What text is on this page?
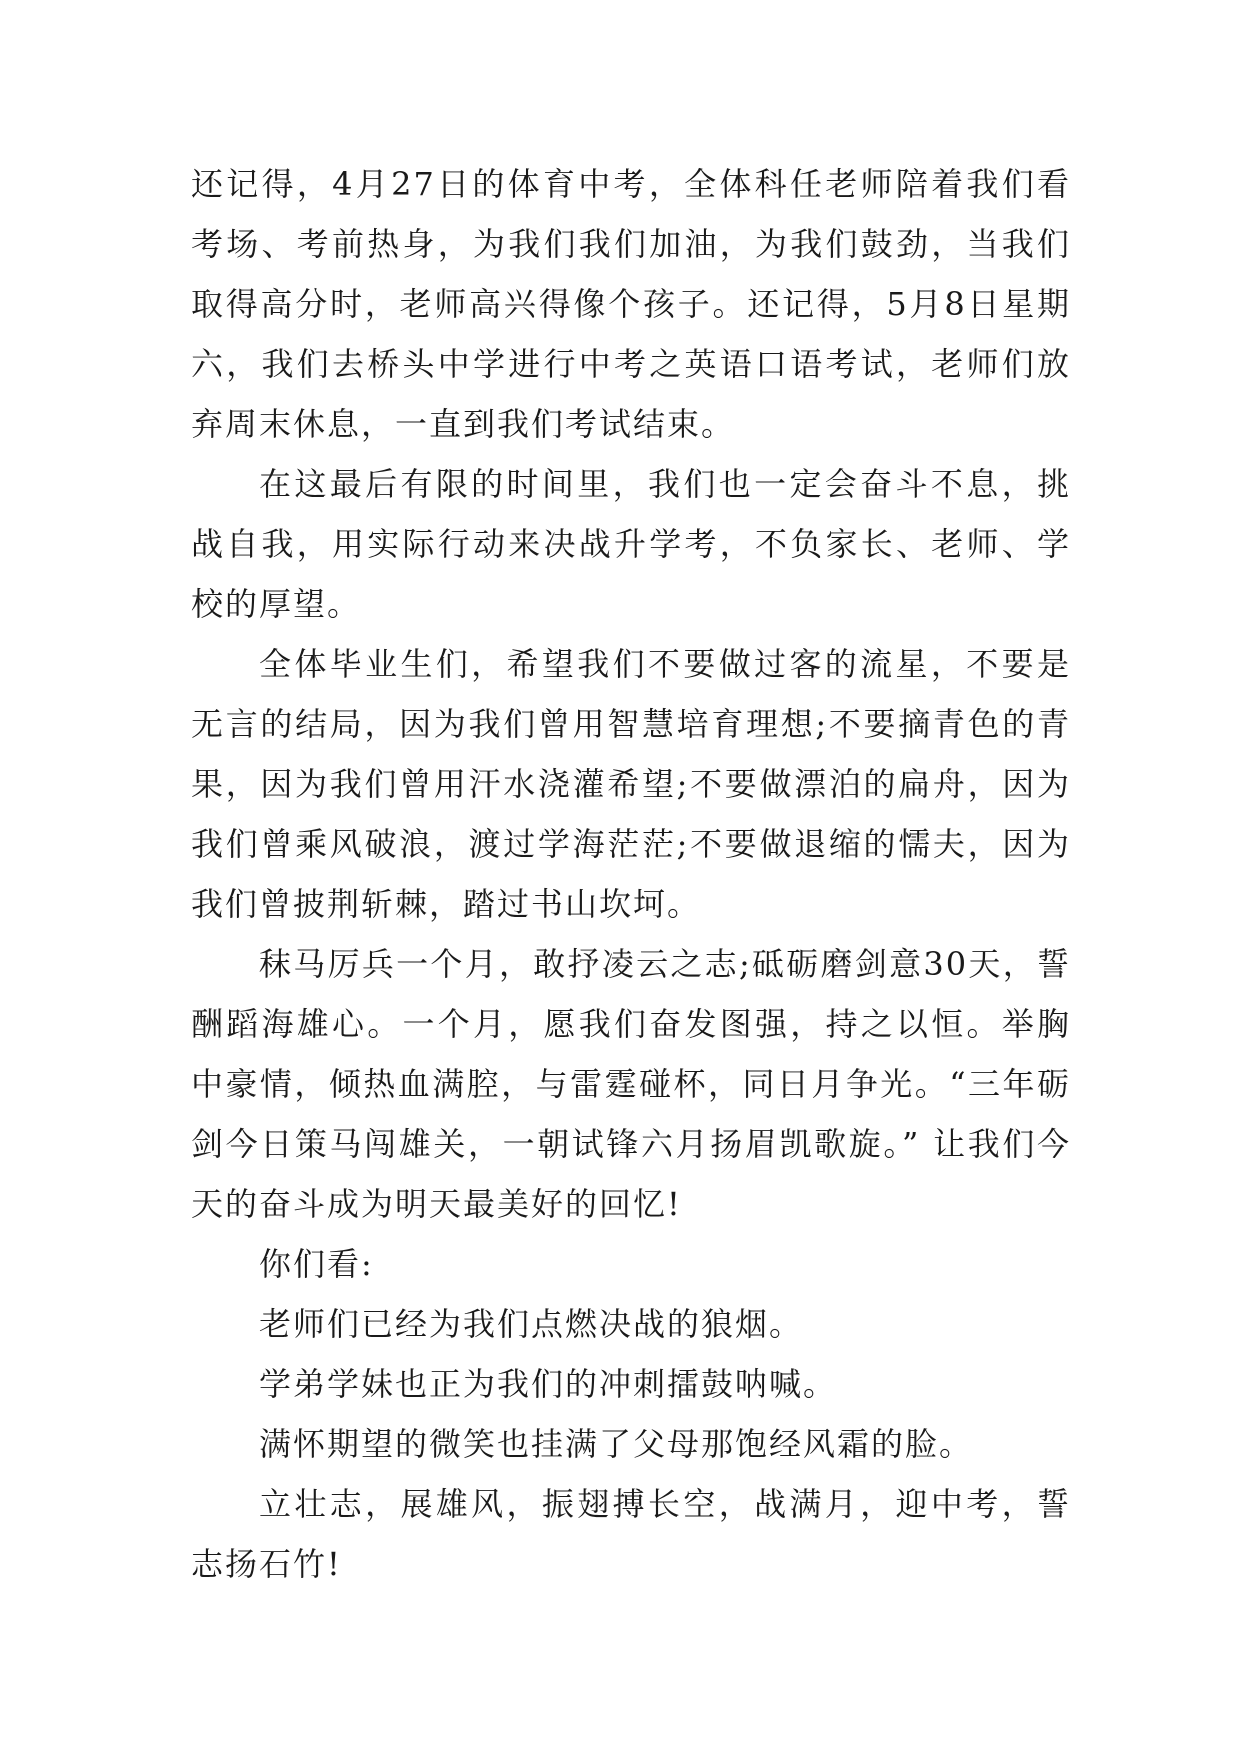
还记得，4月27日的体育中考，全体科任老师陪着我们看考场、考前热身，为我们我们加油，为我们鼓劲，当我们取得高分时，老师高兴得像个孩子。还记得，5月8日星期六，我们去桥头中学进行中考之英语口语考试，老师们放弃周末休息，一直到我们考试结束。

在这最后有限的时间里，我们也一定会奋斗不息，挑战自我，用实际行动来决战升学考，不负家长、老师、学校的厚望。

全体毕业生们，希望我们不要做过客的流星，不要是无言的结局，因为我们曾用智慧培育理想;不要摘青色的青果，因为我们曾用汗水浇灌希望;不要做漂泊的扁舟，因为我们曾乘风破浪，渡过学海茫茫;不要做退缩的懦夫，因为我们曾披荆斩棘，踏过书山坎坷。

秣马厉兵一个月，敢抒凌云之志;砥砺磨剑意30天，誓酬蹈海雄心。一个月，愿我们奋发图强，持之以恒。举胸中豪情，倾热血满腔，与雷霆碰杯，同日月争光。“三年砺剑今日策马闯雄关，一朝试锋六月扬眉凯歌旋。” 让我们今天的奋斗成为明天最美好的回忆!

你们看:

老师们已经为我们点燃决战的狼烟。

学弟学妹也正为我们的冲刺擂鼓呐喊。

满怀期望的微笑也挂满了父母那饱经风霜的脸。

立壮志，展雄风，振翅搏长空，战满月，迎中考，誓志扬石竹!
